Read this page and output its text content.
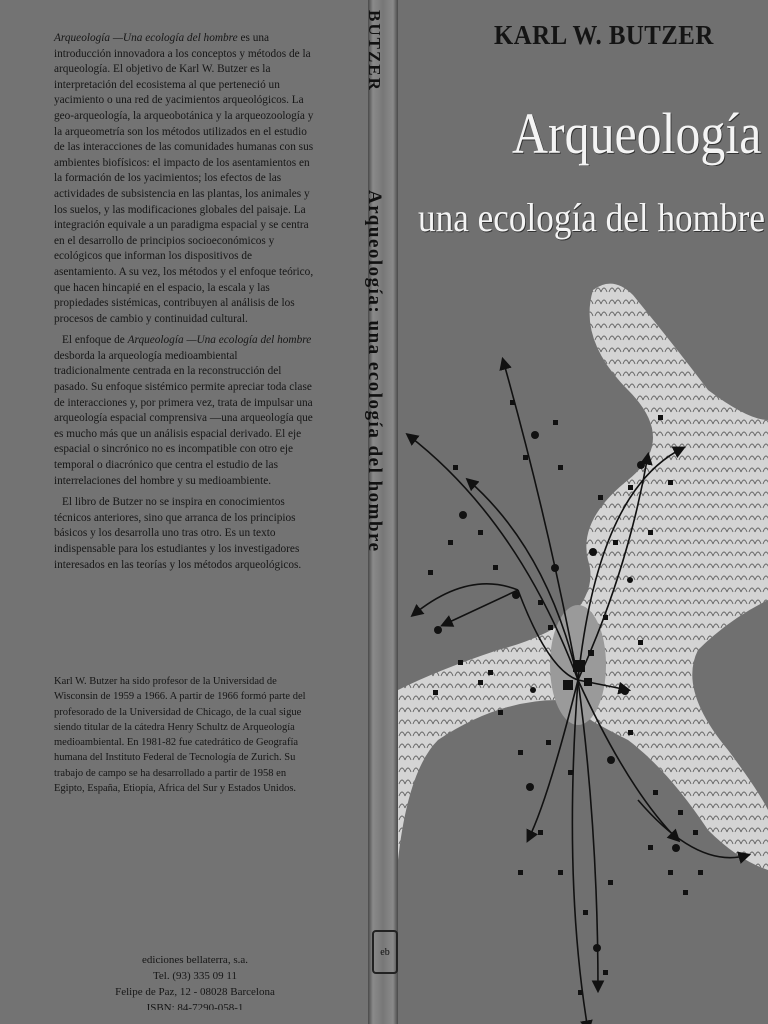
Arqueología —Una ecología del hombre es una introducción innovadora a los conceptos y métodos de la arqueología. El objetivo de Karl W. Butzer es la interpretación del ecosistema al que perteneció un yacimiento o una red de yacimientos arqueológicos. La geo-arqueología, la arqueobotánica y la arqueozoología y la arqueometría son los métodos utilizados en el estudio de las interacciones de las comunidades humanas con sus ambientes biofísicos: el impacto de los asentamientos en la formación de los yacimientos; los efectos de las actividades de subsistencia en las plantas, los animales y los suelos, y las modificaciones globales del paisaje. La integración equivale a un paradigma espacial y se centra en el desarrollo de principios socioeconómicos y ecológicos que informan los dispositivos de asentamiento. A su vez, los métodos y el enfoque teórico, que hacen hincapié en el espacio, la escala y las propiedades sistémicas, contribuyen al análisis de los procesos de cambio y continuidad cultural.

El enfoque de Arqueología —Una ecología del hombre desborda la arqueología medioambiental tradicionalmente centrada en la reconstrucción del pasado. Su enfoque sistémico permite apreciar toda clase de interacciones y, por primera vez, trata de impulsar una arqueología espacial comprensiva —una arqueología que es mucho más que un análisis espacial derivado. El eje espacial o sincrónico no es incompatible con otro eje temporal o diacrónico que centra el estudio de las interrelaciones del hombre y su medioambiente.

El libro de Butzer no se inspira en conocimientos técnicos anteriores, sino que arranca de los principios básicos y los desarrolla uno tras otro. Es un texto indispensable para los estudiantes y los investigadores interesados en las teorías y los métodos arqueológicos.

Karl W. Butzer ha sido profesor de la Universidad de Wisconsin de 1959 a 1966. A partir de 1966 formó parte del profesorado de la Universidad de Chicago, de la cual sigue siendo titular de la cátedra Henry Schultz de Arqueología medioambiental. En 1981-82 fue catedrático de Geografía humana del Instituto Federal de Tecnología de Zurich. Su trabajo de campo se ha desarrollado a partir de 1958 en Egipto, España, Etiopía, Africa del Sur y Estados Unidos.
ediciones bellaterra, s.a.
Tel. (93) 335 09 11
Felipe de Paz, 12 - 08028 Barcelona
ISBN: 84-7290-058-1
BUTZER
Arqueología: una ecología del hombre
eb
KARL W. BUTZER
Arqueología
una ecología del hombre
